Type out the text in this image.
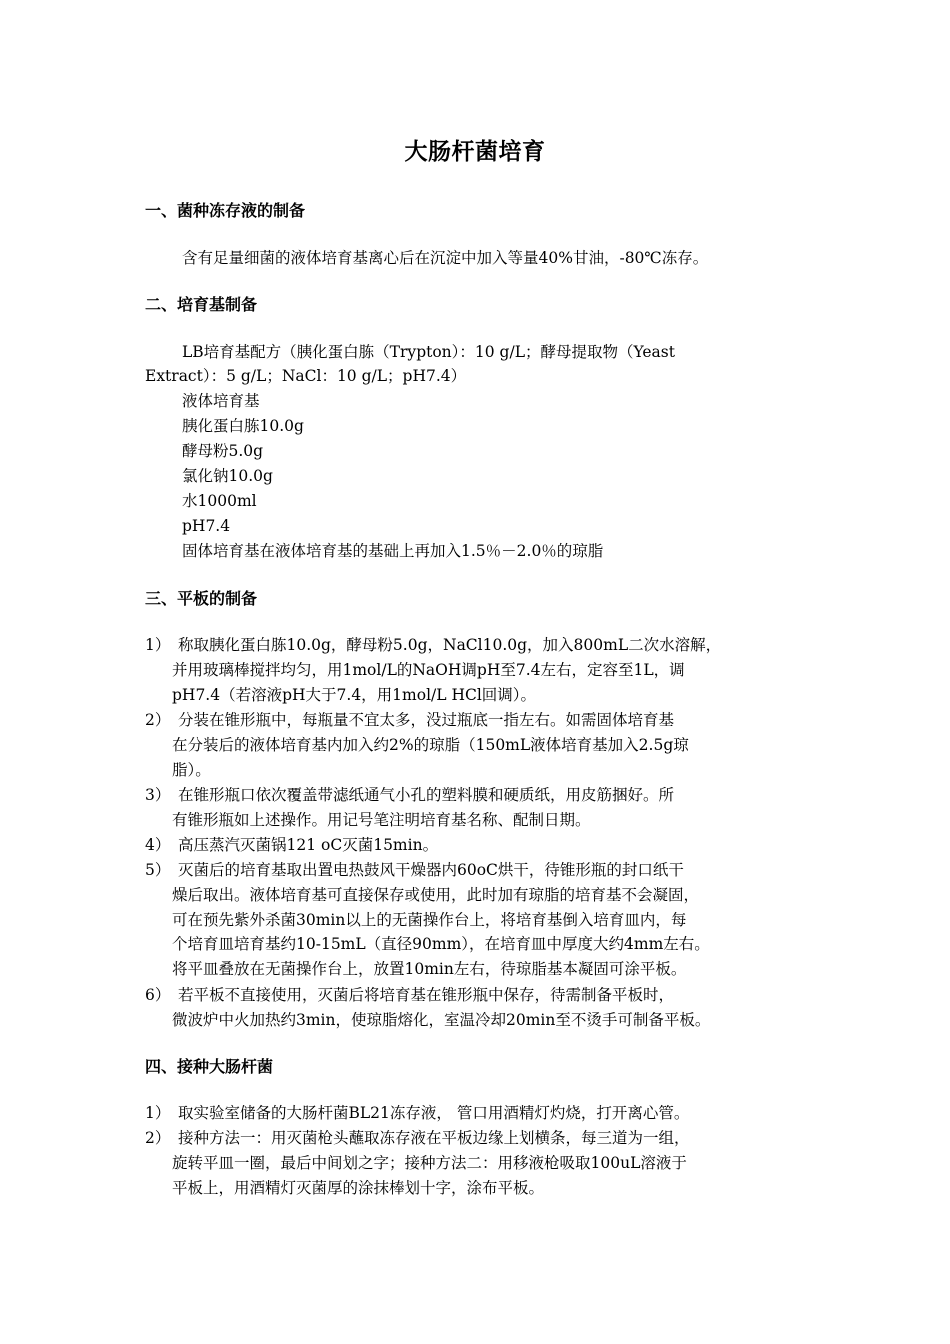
大肠杆菌培育
一、菌种冻存液的制备
含有足量细菌的液体培育基离心后在沉淀中加入等量40%甘油，-80℃冻存。
二、培育基制备
LB培育基配方（胰化蛋白胨（Trypton）：10 g/L；酵母提取物（Yeast
Extract）：5 g/L；NaCl：10 g/L；pH7.4）
液体培育基
胰化蛋白胨10.0g
酵母粉5.0g
氯化钠10.0g
水1000ml
pH7.4
固体培育基在液体培育基的基础上再加入1.5％－2.0％的琼脂
三、平板的制备
1） 称取胰化蛋白胨10.0g，酵母粉5.0g，NaCl10.0g，加入800mL二次水溶解，
并用玻璃棒搅拌均匀，用1mol/L的NaOH调pH至7.4左右，定容至1L，调
pH7.4（若溶液pH大于7.4，用1mol/L HCl回调）。
2） 分装在锥形瓶中，每瓶量不宜太多，没过瓶底一指左右。如需固体培育基
在分装后的液体培育基内加入约2%的琼脂（150mL液体培育基加入2.5g琼
脂）。
3） 在锥形瓶口依次覆盖带滤纸通气小孔的塑料膜和硬质纸，用皮筋捆好。所
有锥形瓶如上述操作。用记号笔注明培育基名称、配制日期。
4） 高压蒸汽灭菌锅121 oC灭菌15min。
5） 灭菌后的培育基取出置电热鼓风干燥器内60oC烘干，待锥形瓶的封口纸干
燥后取出。液体培育基可直接保存或使用，此时加有琼脂的培育基不会凝固，
可在预先紫外杀菌30min以上的无菌操作台上，将培育基倒入培育皿内，每
个培育皿培育基约10-15mL（直径90mm），在培育皿中厚度大约4mm左右。
将平皿叠放在无菌操作台上，放置10min左右，待琼脂基本凝固可涂平板。
6） 若平板不直接使用，灭菌后将培育基在锥形瓶中保存，待需制备平板时，
微波炉中火加热约3min，使琼脂熔化，室温冷却20min至不烫手可制备平板。
四、接种大肠杆菌
1） 取实验室储备的大肠杆菌BL21冻存液， 管口用酒精灯灼烧，打开离心管。
2） 接种方法一：用灭菌枪头蘸取冻存液在平板边缘上划横条，每三道为一组，
旋转平皿一圈，最后中间划之字；接种方法二：用移液枪吸取100uL溶液于
平板上，用酒精灯灭菌厚的涂抹棒划十字，涂布平板。
